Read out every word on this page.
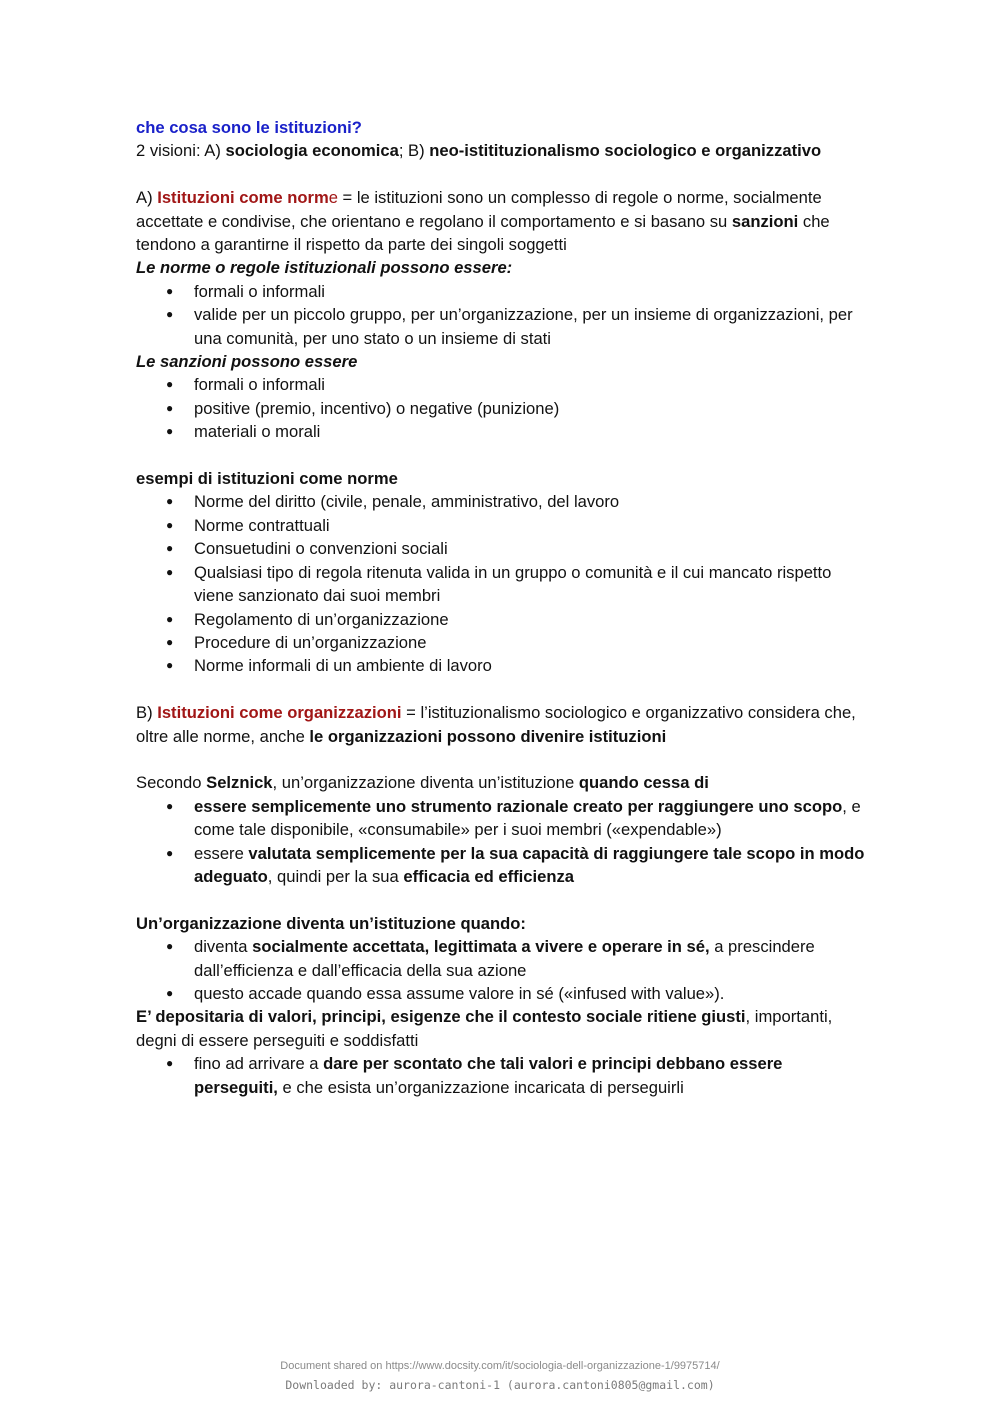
che cosa sono le istituzioni?

2 visioni: A) sociologia economica; B) neo-istitituzionalismo sociologico e organizzativo

A) Istituzioni come norme = le istituzioni sono un complesso di regole o norme, socialmente accettate e condivise, che orientano e regolano il comportamento e si basano su sanzioni che tendono a garantirne il rispetto da parte dei singoli soggetti

Le norme o regole istituzionali possono essere:

● formali o informali
● valide per un piccolo gruppo, per un’organizzazione, per un insieme di organizzazioni, per una comunità, per uno stato o un insieme di stati

Le sanzioni possono essere

● formali o informali
● positive (premio, incentivo) o negative (punizione)
● materiali o morali

esempi di istituzioni come norme

● Norme del diritto (civile, penale, amministrativo, del lavoro
● Norme contrattuali
● Consuetudini o convenzioni sociali
● Qualsiasi tipo di regola ritenuta valida in un gruppo o comunità e il cui mancato rispetto viene sanzionato dai suoi membri
● Regolamento di un’organizzazione
● Procedure di un’organizzazione
● Norme informali di un ambiente di lavoro

B) Istituzioni come organizzazioni = l’istituzionalismo sociologico e organizzativo considera che, oltre alle norme, anche le organizzazioni possono divenire istituzioni

Secondo Selznick, un’organizzazione diventa un’istituzione quando cessa di

● essere semplicemente uno strumento razionale creato per raggiungere uno scopo, e come tale disponibile, «consumabile» per i suoi membri («expendable»)
● essere valutata semplicemente per la sua capacità di raggiungere tale scopo in modo adeguato, quindi per la sua efficacia ed efficienza

Un’organizzazione diventa un’istituzione quando:

● diventa socialmente accettata, legittimata a vivere e operare in sé, a prescindere dall’efficienza e dall’efficacia della sua azione
● questo accade quando essa assume valore in sé («infused with value»).

E’ depositaria di valori, principi, esigenze che il contesto sociale ritiene giusti, importanti, degni di essere perseguiti e soddisfatti

● fino ad arrivare a dare per scontato che tali valori e principi debbano essere perseguiti, e che esista un’organizzazione incaricata di perseguirli
Document shared on https://www.docsity.com/it/sociologia-dell-organizzazione-1/9975714/
Downloaded by: aurora-cantoni-1 (aurora.cantoni0805@gmail.com)
